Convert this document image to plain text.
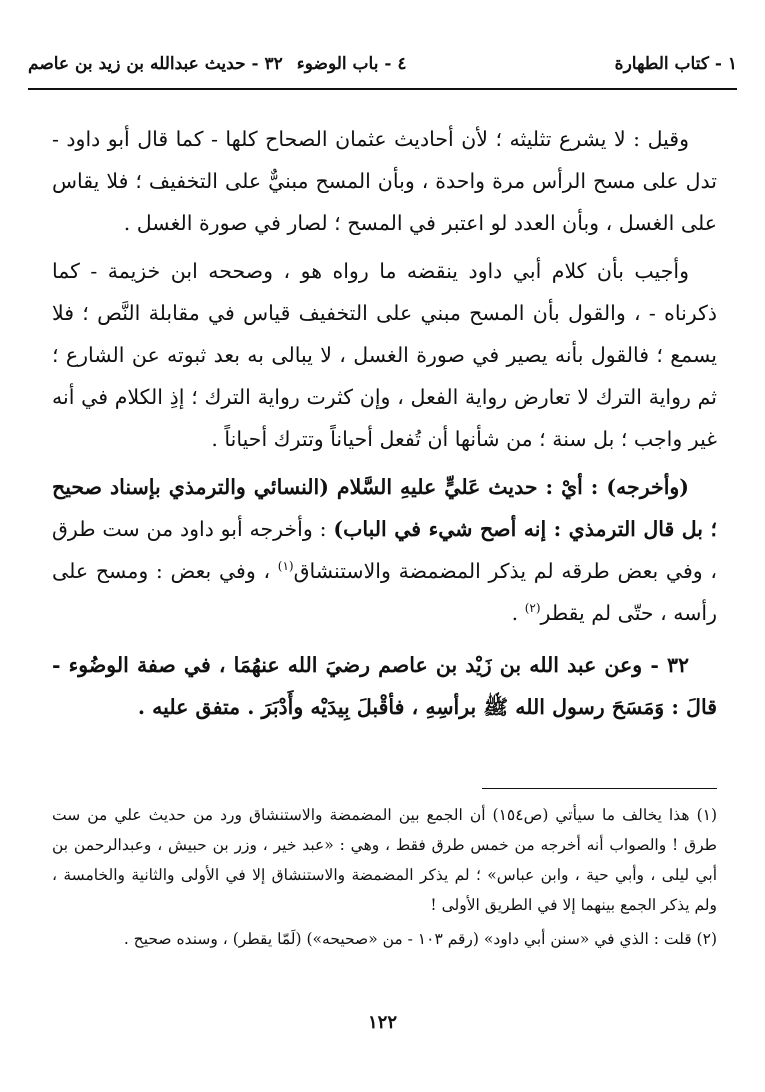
١ - كتاب الطهارة
٤ - باب الوضوء
٣٢ - حديث عبدالله بن زيد بن عاصم

وقيل : لا يشرع تثليثه ؛ لأن أحاديث عثمان الصحاح كلها - كما قال أبو داود - تدل على مسح الرأس مرة واحدة ، وبأن المسح مبنيٌّ على التخفيف ؛ فلا يقاس على الغسل ، وبأن العدد لو اعتبر في المسح ؛ لصار في صورة الغسل .

وأجيب بأن كلام أبي داود ينقضه ما رواه هو ، وصححه ابن خزيمة - كما ذكرناه - ، والقول بأن المسح مبني على التخفيف قياس في مقابلة النَّص ؛ فلا يسمع ؛ فالقول بأنه يصير في صورة الغسل ، لا يبالى به بعد ثبوته عن الشارع ؛ ثم رواية الترك لا تعارض رواية الفعل ، وإن كثرت رواية الترك ؛ إذِ الكلام في أنه غير واجب ؛ بل سنة ؛ من شأنها أن تُفعل أحياناً وتترك أحياناً .

(وأخرجه) : أيْ : حديث عَليٍّ عليهِ السَّلام (النسائي والترمذي بإسناد صحيح ؛ بل قال الترمذي : إنه أصح شيء في الباب) : وأخرجه أبو داود من ست طرق ، وفي بعض طرقه لم يذكر المضمضة والاستنشاق$^{(١)}$ ، وفي بعض : ومسح على رأسه ، حتّى لم يقطر$^{(٢)}$ .

٣٢ - وعن عبد الله بن زَيْد بن عاصم رضيَ الله عنهُمَا ، في صفة الوضُوء - قالَ : وَمَسَحَ رسول الله ﷺ برأسِهِ ، فأقْبلَ بِيدَيْه وأَدْبَرَ . متفق عليه .

(١) هذا يخالف ما سيأتي (ص١٥٤) أن الجمع بين المضمضة والاستنشاق ورد من حديث علي من ست طرق ! والصواب أنه أخرجه من خمس طرق فقط ، وهي : «عبد خير ، وزر بن حبيش ، وعبدالرحمن بن أبي ليلى ، وأبي حية ، وابن عباس» ؛ لم يذكر المضمضة والاستنشاق إلا في الأولى والثانية والخامسة ، ولم يذكر الجمع بينهما إلا في الطريق الأولى !

(٢) قلت : الذي في «سنن أبي داود» (رقم ١٠٣ - من «صحيحه») (لَمّا يقطر) ، وسنده صحيح .

١٢٢
